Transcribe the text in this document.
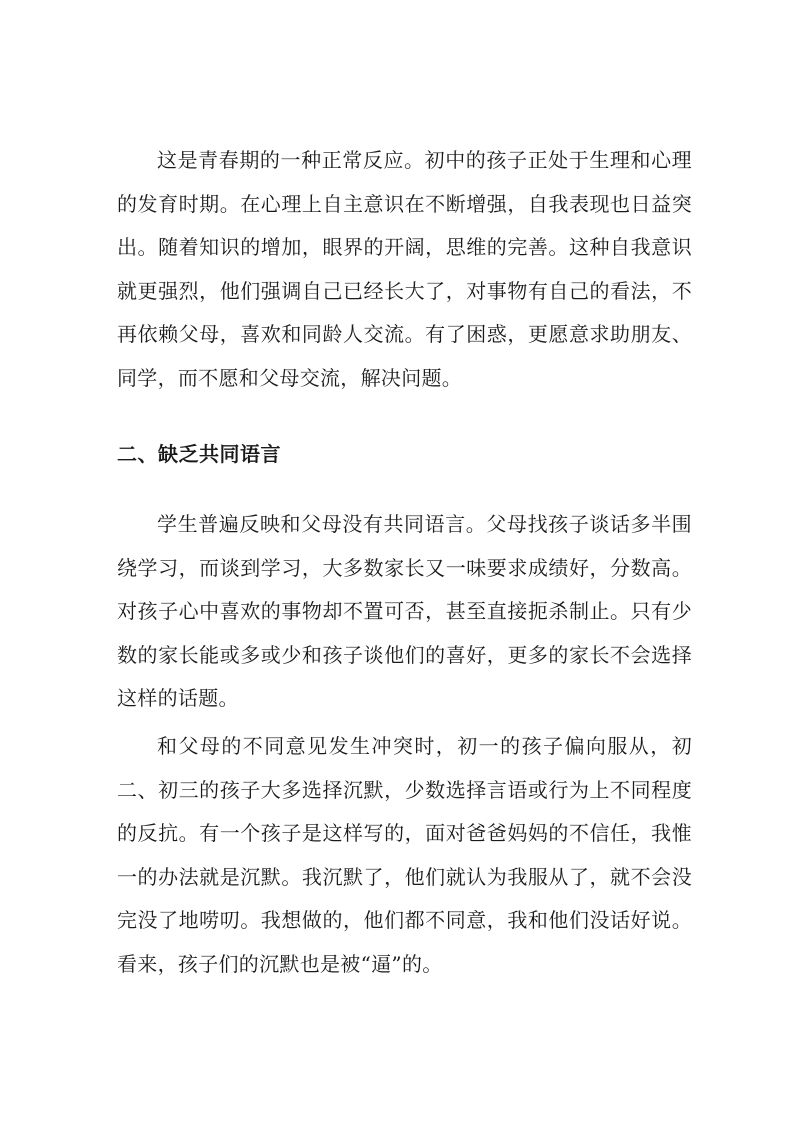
这是青春期的一种正常反应。初中的孩子正处于生理和心理的发育时期。在心理上自主意识在不断增强，自我表现也日益突出。随着知识的增加，眼界的开阔，思维的完善。这种自我意识就更强烈，他们强调自己已经长大了，对事物有自己的看法，不再依赖父母，喜欢和同龄人交流。有了困惑，更愿意求助朋友、同学，而不愿和父母交流，解决问题。

二、缺乏共同语言

学生普遍反映和父母没有共同语言。父母找孩子谈话多半围绕学习，而谈到学习，大多数家长又一味要求成绩好，分数高。对孩子心中喜欢的事物却不置可否，甚至直接扼杀制止。只有少数的家长能或多或少和孩子谈他们的喜好，更多的家长不会选择这样的话题。

和父母的不同意见发生冲突时，初一的孩子偏向服从，初二、初三的孩子大多选择沉默，少数选择言语或行为上不同程度的反抗。有一个孩子是这样写的，面对爸爸妈妈的不信任，我惟一的办法就是沉默。我沉默了，他们就认为我服从了，就不会没完没了地唠叨。我想做的，他们都不同意，我和他们没话好说。看来，孩子们的沉默也是被“逼”的。
